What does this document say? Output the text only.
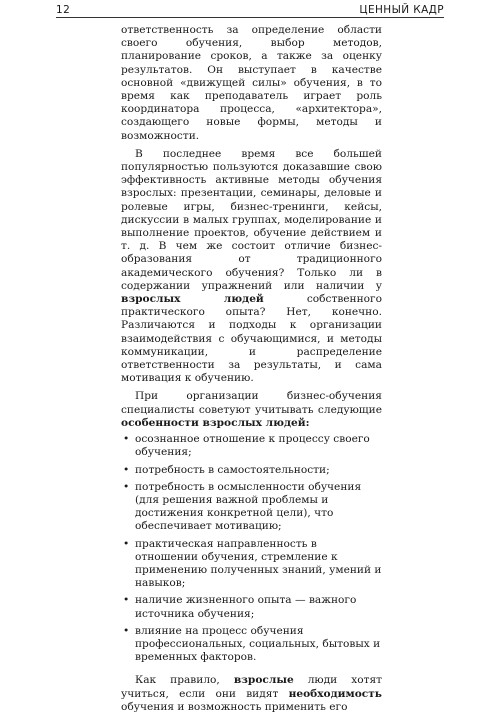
12	ЦЕННЫЙ КАДР

ответственность за определение области своего обучения, выбор методов, планирование сроков, а также за оценку результатов. Он выступает в качестве основной «движущей силы» обучения, в то время как преподаватель играет роль координатора процесса, «архитектора», создающего новые формы, методы и возможности.

В последнее время все большей популярностью пользуются доказавшие свою эффективность активные методы обучения взрослых: презентации, семинары, деловые и ролевые игры, бизнес-тренинги, кейсы, дискуссии в малых группах, моделирование и выполнение проектов, обучение действием и т. д. В чем же состоит отличие бизнес-образования от традиционного академического обучения? Только ли в содержании упражнений или наличии у взрослых людей	собственного практического опыта? Нет, конечно. Различаются и подходы к организации взаимодействия с обучающимися, и методы коммуникации, и распределение ответственности за результаты, и сама мотивация к обучению.

При организации бизнес-обучения специалисты советуют учитывать следующие особенности взрослых людей:

• осознанное отношение к процессу своего обучения;
• потребность в самостоятельности;
• потребность в осмысленности обучения (для решения важной проблемы и достижения конкретной цели), что обеспечивает мотивацию;
• практическая направленность в отношении обучения, стремление к применению полученных знаний, умений и навыков;
• наличие жизненного опыта — важного источника обучения;
• влияние на процесс обучения профессиональных, социальных, бытовых и временных факторов.

Как правило, взрослые люди хотят учиться, если они видят необходимость обучения и возможность применить его
